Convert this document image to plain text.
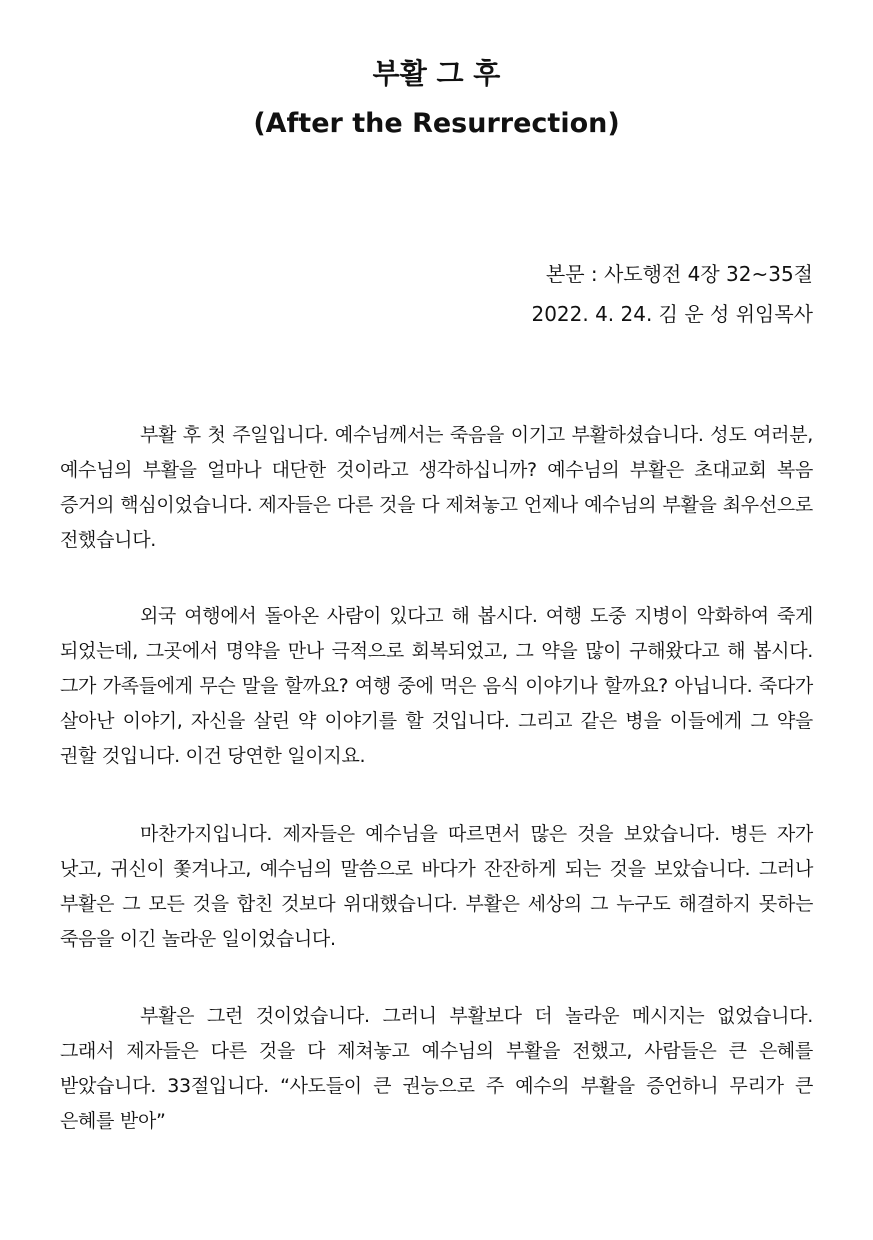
부활 그 후
(After the Resurrection)

본문 : 사도행전 4장 32~35절

2022. 4. 24. 김 운 성 위임목사

부활 후 첫 주일입니다. 예수님께서는 죽음을 이기고 부활하셨습니다. 성도 여러분, 예수님의 부활을 얼마나 대단한 것이라고 생각하십니까? 예수님의 부활은 초대교회 복음 증거의 핵심이었습니다. 제자들은 다른 것을 다 제쳐놓고 언제나 예수님의 부활을 최우선으로 전했습니다.

외국 여행에서 돌아온 사람이 있다고 해 봅시다. 여행 도중 지병이 악화하여 죽게 되었는데, 그곳에서 명약을 만나 극적으로 회복되었고, 그 약을 많이 구해왔다고 해 봅시다. 그가 가족들에게 무슨 말을 할까요? 여행 중에 먹은 음식 이야기나 할까요? 아닙니다. 죽다가 살아난 이야기, 자신을 살린 약 이야기를 할 것입니다. 그리고 같은 병을 이들에게 그 약을 권할 것입니다. 이건 당연한 일이지요.

마찬가지입니다. 제자들은 예수님을 따르면서 많은 것을 보았습니다. 병든 자가 낫고, 귀신이 쫓겨나고, 예수님의 말씀으로 바다가 잔잔하게 되는 것을 보았습니다. 그러나 부활은 그 모든 것을 합친 것보다 위대했습니다. 부활은 세상의 그 누구도 해결하지 못하는 죽음을 이긴 놀라운 일이었습니다.

부활은 그런 것이었습니다. 그러니 부활보다 더 놀라운 메시지는 없었습니다. 그래서 제자들은 다른 것을 다 제쳐놓고 예수님의 부활을 전했고, 사람들은 큰 은혜를 받았습니다. 33절입니다. “사도들이 큰 권능으로 주 예수의 부활을 증언하니 무리가 큰 은혜를 받아”
